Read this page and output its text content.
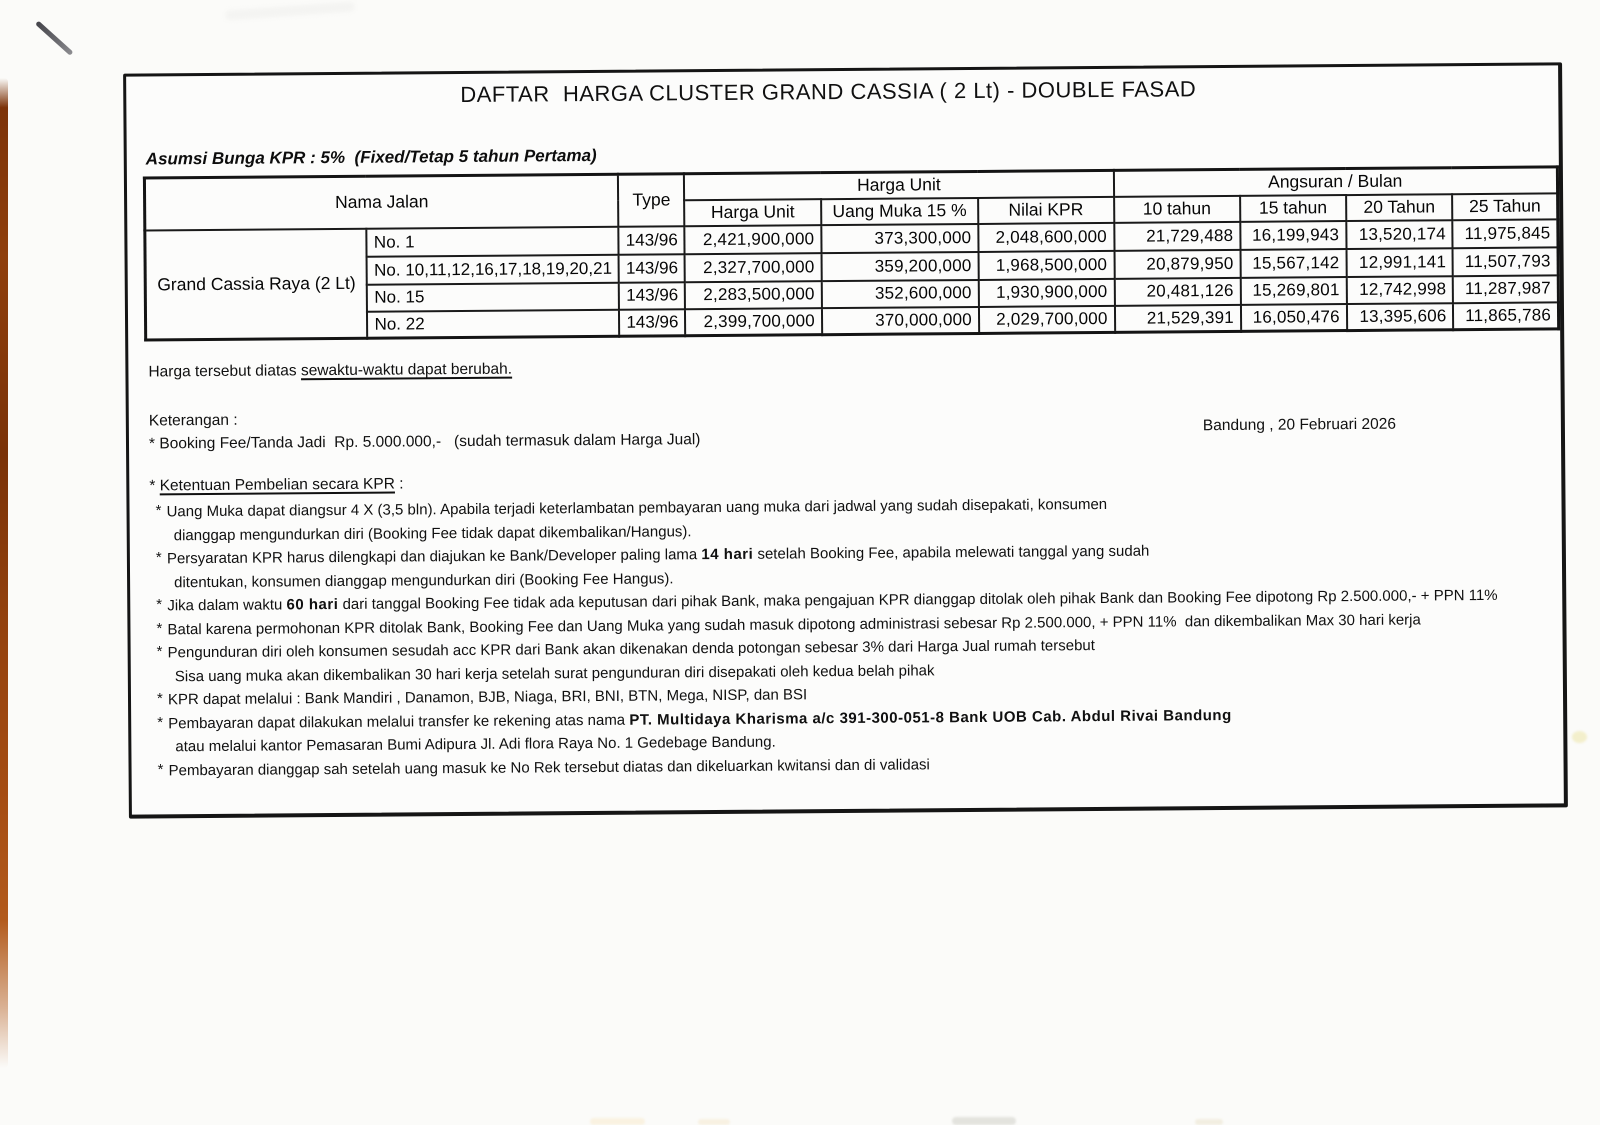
DAFTAR  HARGA CLUSTER GRAND CASSIA ( 2 Lt) - DOUBLE FASAD
Asumsi Bunga KPR : 5%  (Fixed/Tetap 5 tahun Pertama)
Nama Jalan		Type	Harga Unit			Angsuran / Bulan			
			Harga Unit	Uang Muka 15 %	Nilai KPR	10 tahun	15 tahun	20 Tahun	25 Tahun
Grand Cassia Raya (2 Lt)	No. 1	143/96	2,421,900,000	373,300,000	2,048,600,000	21,729,488	16,199,943	13,520,174	11,975,845
	No. 10,11,12,16,17,18,19,20,21	143/96	2,327,700,000	359,200,000	1,968,500,000	20,879,950	15,567,142	12,991,141	11,507,793
	No. 15	143/96	2,283,500,000	352,600,000	1,930,900,000	20,481,126	15,269,801	12,742,998	11,287,987
	No. 22	143/96	2,399,700,000	370,000,000	2,029,700,000	21,529,391	16,050,476	13,395,606	11,865,786
Harga tersebut diatas sewaktu-waktu dapat berubah.
Keterangan :
* Booking Fee/Tanda Jadi  Rp. 5.000.000,-   (sudah termasuk dalam Harga Jual)
Bandung , 20 Februari 2026
* Ketentuan Pembelian secara KPR :
* Uang Muka dapat diangsur 4 X (3,5 bln). Apabila terjadi keterlambatan pembayaran uang muka dari jadwal yang sudah disepakati, konsumen
dianggap mengundurkan diri (Booking Fee tidak dapat dikembalikan/Hangus).
* Persyaratan KPR harus dilengkapi dan diajukan ke Bank/Developer paling lama 14 hari setelah Booking Fee, apabila melewati tanggal yang sudah
ditentukan, konsumen dianggap mengundurkan diri (Booking Fee Hangus).
* Jika dalam waktu 60 hari dari tanggal Booking Fee tidak ada keputusan dari pihak Bank, maka pengajuan KPR dianggap ditolak oleh pihak Bank dan Booking Fee dipotong Rp 2.500.000,- + PPN 11%
* Batal karena permohonan KPR ditolak Bank, Booking Fee dan Uang Muka yang sudah masuk dipotong administrasi sebesar Rp 2.500.000, + PPN 11%  dan dikembalikan Max 30 hari kerja
* Pengunduran diri oleh konsumen sesudah acc KPR dari Bank akan dikenakan denda potongan sebesar 3% dari Harga Jual rumah tersebut
Sisa uang muka akan dikembalikan 30 hari kerja setelah surat pengunduran diri disepakati oleh kedua belah pihak
* KPR dapat melalui : Bank Mandiri , Danamon, BJB, Niaga, BRI, BNI, BTN, Mega, NISP, dan BSI
* Pembayaran dapat dilakukan melalui transfer ke rekening atas nama PT. Multidaya Kharisma a/c 391-300-051-8 Bank UOB Cab. Abdul Rivai Bandung
atau melalui kantor Pemasaran Bumi Adipura Jl. Adi flora Raya No. 1 Gedebage Bandung.
* Pembayaran dianggap sah setelah uang masuk ke No Rek tersebut diatas dan dikeluarkan kwitansi dan di validasi
